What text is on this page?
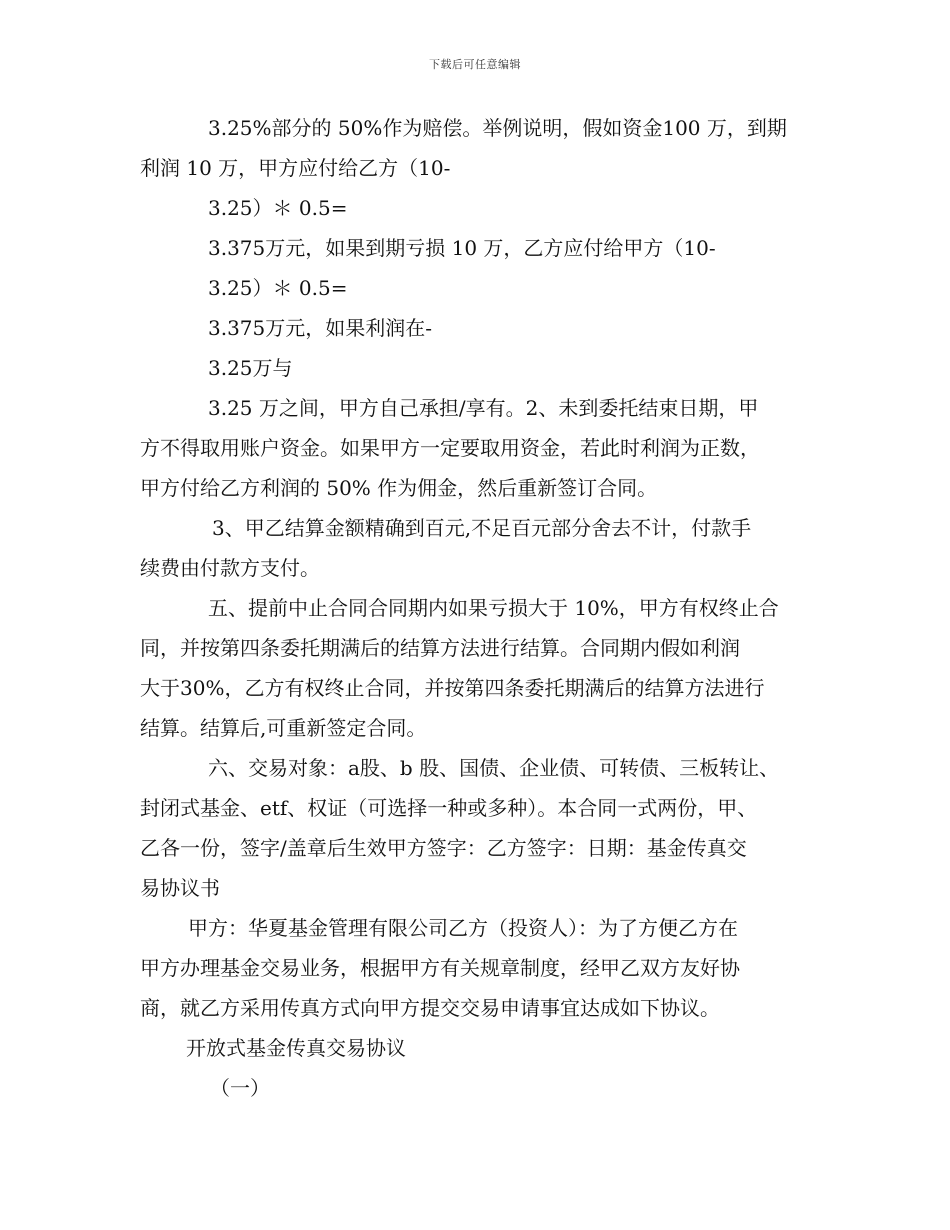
下载后可任意编辑
3.25%部分的 50%作为赔偿。举例说明，假如资金100 万，到期
利润 10 万，甲方应付给乙方（10-
3.25）＊ 0.5=
3.375万元，如果到期亏损 10 万，乙方应付给甲方（10-
3.25）＊ 0.5=
3.375万元，如果利润在-
3.25万与
3.25 万之间，甲方自己承担/享有。2、未到委托结束日期，甲
方不得取用账户资金。如果甲方一定要取用资金，若此时利润为正数，
甲方付给乙方利润的 50% 作为佣金，然后重新签订合同。
3、甲乙结算金额精确到百元,不足百元部分舍去不计，付款手
续费由付款方支付。
五、提前中止合同合同期内如果亏损大于 10%，甲方有权终止合
同，并按第四条委托期满后的结算方法进行结算。合同期内假如利润
大于30%，乙方有权终止合同，并按第四条委托期满后的结算方法进行
结算。结算后,可重新签定合同。
六、交易对象：a股、b 股、国债、企业债、可转债、三板转让、
封闭式基金、etf、权证（可选择一种或多种）。本合同一式两份，甲、
乙各一份，签字/盖章后生效甲方签字：乙方签字：日期：基金传真交
易协议书
甲方：华夏基金管理有限公司乙方（投资人）：为了方便乙方在
甲方办理基金交易业务，根据甲方有关规章制度，经甲乙双方友好协
商，就乙方采用传真方式向甲方提交交易申请事宜达成如下协议。
开放式基金传真交易协议
（一）
